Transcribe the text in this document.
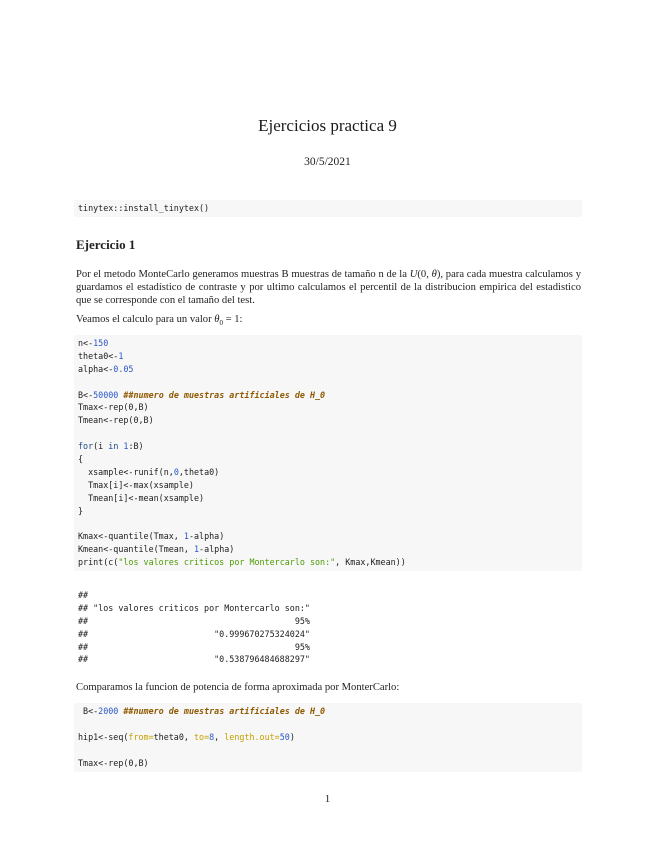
Ejercicios practica 9
30/5/2021
tinytex::install_tinytex()
Ejercicio 1
Por el metodo MonteCarlo generamos muestras B muestras de tamaño n de la U(0, θ), para cada muestra calculamos y guardamos el estadístico de contraste y por ultimo calculamos el percentil de la distribucion empirica del estadistico que se corresponde con el tamaño del test.
Veamos el calculo para un valor $\theta_0 = 1$:
n<-150
theta0<-1
alpha<-0.05

B<-50000 ##numero de muestras artificiales de H_0
Tmax<-rep(0,B)
Tmean<-rep(0,B)

for(i in 1:B)
{
xsample<-runif(n,0,theta0)
Tmax[i]<-max(xsample)
Tmean[i]<-mean(xsample)
}

Kmax<-quantile(Tmax, 1-alpha)
Kmean<-quantile(Tmean, 1-alpha)
print(c("los valores criticos por Montercarlo son:", Kmax,Kmean))
##
## "los valores criticos por Montercarlo son:"
##                                         95%
##                         "0.999670275324024"
##                                         95%
##                         "0.538796484688297"
Comparamos la funcion de potencia de forma aproximada por MonterCarlo:
B<-2000 ##numero de muestras artificiales de H_0

hip1<-seq(from=theta0, to=8, length.out=50)

Tmax<-rep(0,B)
1
